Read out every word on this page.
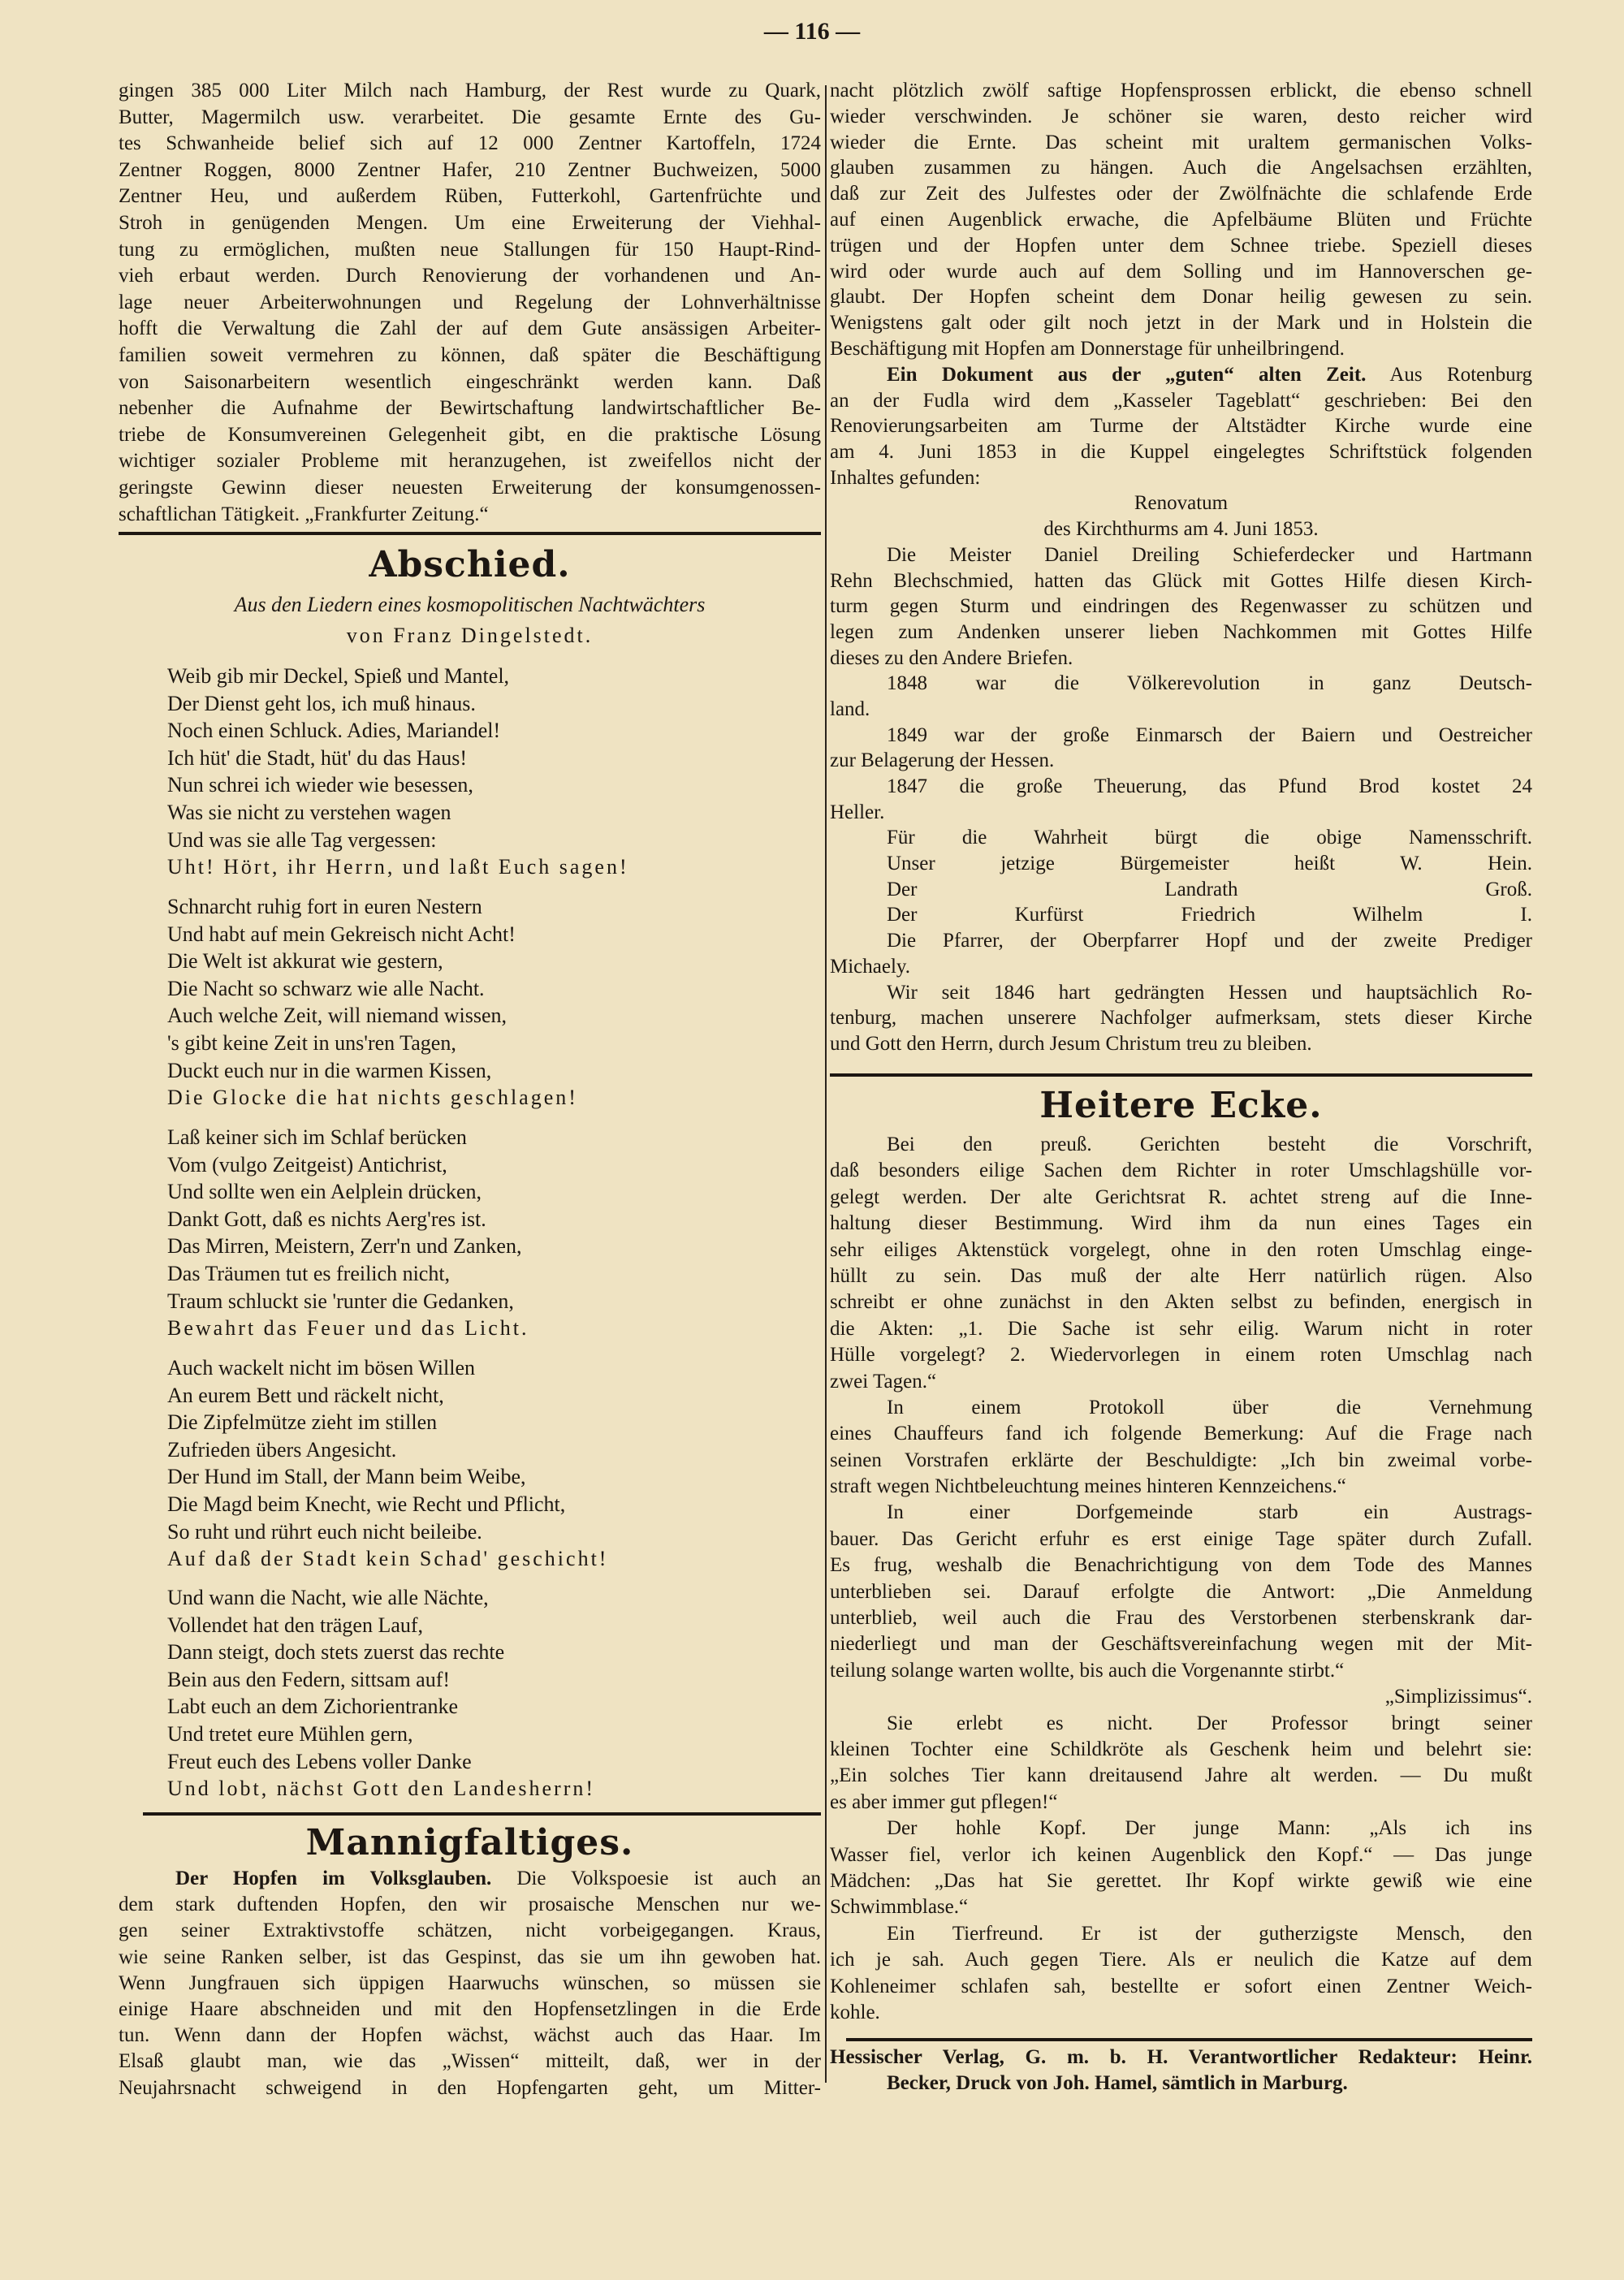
— 116 —
gingen 385 000 Liter Milch nach Hamburg, der Rest wurde zu Quark,
Butter, Magermilch usw. verarbeitet. Die gesamte Ernte des Gu-
tes Schwanheide belief sich auf 12 000 Zentner Kartoffeln, 1724
Zentner Roggen, 8000 Zentner Hafer, 210 Zentner Buchweizen, 5000
Zentner Heu, und außerdem Rüben, Futterkohl, Gartenfrüchte und
Stroh in genügenden Mengen. Um eine Erweiterung der Viehhal-
tung zu ermöglichen, mußten neue Stallungen für 150 Haupt-Rind-
vieh erbaut werden. Durch Renovierung der vorhandenen und An-
lage neuer Arbeiterwohnungen und Regelung der Lohnverhältnisse
hofft die Verwaltung die Zahl der auf dem Gute ansässigen Arbeiter-
familien soweit vermehren zu können, daß später die Beschäftigung
von Saisonarbeitern wesentlich eingeschränkt werden kann. Daß
nebenher die Aufnahme der Bewirtschaftung landwirtschaftlicher Be-
triebe de Konsumvereinen Gelegenheit gibt, en die praktische Lösung
wichtiger sozialer Probleme mit heranzugehen, ist zweifellos nicht der
geringste Gewinn dieser neuesten Erweiterung der konsumgenossen-
schaftlichan Tätigkeit. „Frankfurter Zeitung.“
Abschied.
Aus den Liedern eines kosmopolitischen Nachtwächters
von Franz Dingelstedt.
Weib gib mir Deckel, Spieß und Mantel,
Der Dienst geht los, ich muß hinaus.
Noch einen Schluck. Adies, Mariandel!
Ich hüt' die Stadt, hüt' du das Haus!
Nun schrei ich wieder wie besessen,
Was sie nicht zu verstehen wagen
Und was sie alle Tag vergessen:
Uht! Hört, ihr Herrn, und laßt Euch sagen!
Schnarcht ruhig fort in euren Nestern
Und habt auf mein Gekreisch nicht Acht!
Die Welt ist akkurat wie gestern,
Die Nacht so schwarz wie alle Nacht.
Auch welche Zeit, will niemand wissen,
's gibt keine Zeit in uns'ren Tagen,
Duckt euch nur in die warmen Kissen,
Die Glocke die hat nichts geschlagen!
Laß keiner sich im Schlaf berücken
Vom (vulgo Zeitgeist) Antichrist,
Und sollte wen ein Aelplein drücken,
Dankt Gott, daß es nichts Aerg'res ist.
Das Mirren, Meistern, Zerr'n und Zanken,
Das Träumen tut es freilich nicht,
Traum schluckt sie 'runter die Gedanken,
Bewahrt das Feuer und das Licht.
Auch wackelt nicht im bösen Willen
An eurem Bett und räckelt nicht,
Die Zipfelmütze zieht im stillen
Zufrieden übers Angesicht.
Der Hund im Stall, der Mann beim Weibe,
Die Magd beim Knecht, wie Recht und Pflicht,
So ruht und rührt euch nicht beileibe.
Auf daß der Stadt kein Schad' geschicht!
Und wann die Nacht, wie alle Nächte,
Vollendet hat den trägen Lauf,
Dann steigt, doch stets zuerst das rechte
Bein aus den Federn, sittsam auf!
Labt euch an dem Zichorientranke
Und tretet eure Mühlen gern,
Freut euch des Lebens voller Danke
Und lobt, nächst Gott den Landesherrn!
Mannigfaltiges.
Der Hopfen im Volksglauben. Die Volkspoesie ist auch an
dem stark duftenden Hopfen, den wir prosaische Menschen nur we-
gen seiner Extraktivstoffe schätzen, nicht vorbeigegangen. Kraus,
wie seine Ranken selber, ist das Gespinst, das sie um ihn gewoben hat.
Wenn Jungfrauen sich üppigen Haarwuchs wünschen, so müssen sie
einige Haare abschneiden und mit den Hopfensetzlingen in die Erde
tun. Wenn dann der Hopfen wächst, wächst auch das Haar. Im
Elsaß glaubt man, wie das „Wissen“ mitteilt, daß, wer in der
Neujahrsnacht schweigend in den Hopfengarten geht, um Mitter-
nacht plötzlich zwölf saftige Hopfensprossen erblickt, die ebenso schnell
wieder verschwinden. Je schöner sie waren, desto reicher wird
wieder die Ernte. Das scheint mit uraltem germanischen Volks-
glauben zusammen zu hängen. Auch die Angelsachsen erzählten,
daß zur Zeit des Julfestes oder der Zwölfnächte die schlafende Erde
auf einen Augenblick erwache, die Apfelbäume Blüten und Früchte
trügen und der Hopfen unter dem Schnee triebe. Speziell dieses
wird oder wurde auch auf dem Solling und im Hannoverschen ge-
glaubt. Der Hopfen scheint dem Donar heilig gewesen zu sein.
Wenigstens galt oder gilt noch jetzt in der Mark und in Holstein die
Beschäftigung mit Hopfen am Donnerstage für unheilbringend.
Ein Dokument aus der „guten“ alten Zeit. Aus Rotenburg
an der Fudla wird dem „Kasseler Tageblatt“ geschrieben: Bei den
Renovierungsarbeiten am Turme der Altstädter Kirche wurde eine
am 4. Juni 1853 in die Kuppel eingelegtes Schriftstück folgenden
Inhaltes gefunden:
Renovatum
des Kirchthurms am 4. Juni 1853.
Die Meister Daniel Dreiling Schieferdecker und Hartmann
Rehn Blechschmied, hatten das Glück mit Gottes Hilfe diesen Kirch-
turm gegen Sturm und eindringen des Regenwasser zu schützen und
legen zum Andenken unserer lieben Nachkommen mit Gottes Hilfe
dieses zu den Andere Briefen.
1848 war die Völkerevolution in ganz Deutsch-
land.
1849 war der große Einmarsch der Baiern und Oestreicher
zur Belagerung der Hessen.
1847 die große Theuerung, das Pfund Brod kostet 24
Heller.
Für die Wahrheit bürgt die obige Namensschrift.
Unser jetzige Bürgemeister heißt W. Hein.
Der Landrath Groß.
Der Kurfürst Friedrich Wilhelm I.
Die Pfarrer, der Oberpfarrer Hopf und der zweite Prediger
Michaely.
Wir seit 1846 hart gedrängten Hessen und hauptsächlich Ro-
tenburg, machen unserere Nachfolger aufmerksam, stets dieser Kirche
und Gott den Herrn, durch Jesum Christum treu zu bleiben.
Heitere Ecke.
Bei den preuß. Gerichten besteht die Vorschrift,
daß besonders eilige Sachen dem Richter in roter Umschlagshülle vor-
gelegt werden. Der alte Gerichtsrat R. achtet streng auf die Inne-
haltung dieser Bestimmung. Wird ihm da nun eines Tages ein
sehr eiliges Aktenstück vorgelegt, ohne in den roten Umschlag einge-
hüllt zu sein. Das muß der alte Herr natürlich rügen. Also
schreibt er ohne zunächst in den Akten selbst zu befinden, energisch in
die Akten: „1. Die Sache ist sehr eilig. Warum nicht in roter
Hülle vorgelegt? 2. Wiedervorlegen in einem roten Umschlag nach
zwei Tagen.“
In einem Protokoll über die Vernehmung
eines Chauffeurs fand ich folgende Bemerkung: Auf die Frage nach
seinen Vorstrafen erklärte der Beschuldigte: „Ich bin zweimal vorbe-
straft wegen Nichtbeleuchtung meines hinteren Kennzeichens.“
In einer Dorfgemeinde starb ein Austrags-
bauer. Das Gericht erfuhr es erst einige Tage später durch Zufall.
Es frug, weshalb die Benachrichtigung von dem Tode des Mannes
unterblieben sei. Darauf erfolgte die Antwort: „Die Anmeldung
unterblieb, weil auch die Frau des Verstorbenen sterbenskrank dar-
niederliegt und man der Geschäftsvereinfachung wegen mit der Mit-
teilung solange warten wollte, bis auch die Vorgenannte stirbt.“
„Simplizissimus“.
Sie erlebt es nicht. Der Professor bringt seiner
kleinen Tochter eine Schildkröte als Geschenk heim und belehrt sie:
„Ein solches Tier kann dreitausend Jahre alt werden. — Du mußt
es aber immer gut pflegen!“
Der hohle Kopf. Der junge Mann: „Als ich ins
Wasser fiel, verlor ich keinen Augenblick den Kopf.“ — Das junge
Mädchen: „Das hat Sie gerettet. Ihr Kopf wirkte gewiß wie eine
Schwimmblase.“
Ein Tierfreund. Er ist der gutherzigste Mensch, den
ich je sah. Auch gegen Tiere. Als er neulich die Katze auf dem
Kohleneimer schlafen sah, bestellte er sofort einen Zentner Weich-
kohle.
Hessischer Verlag, G. m. b. H. Verantwortlicher Redakteur: Heinr.
Becker, Druck von Joh. Hamel, sämtlich in Marburg.
